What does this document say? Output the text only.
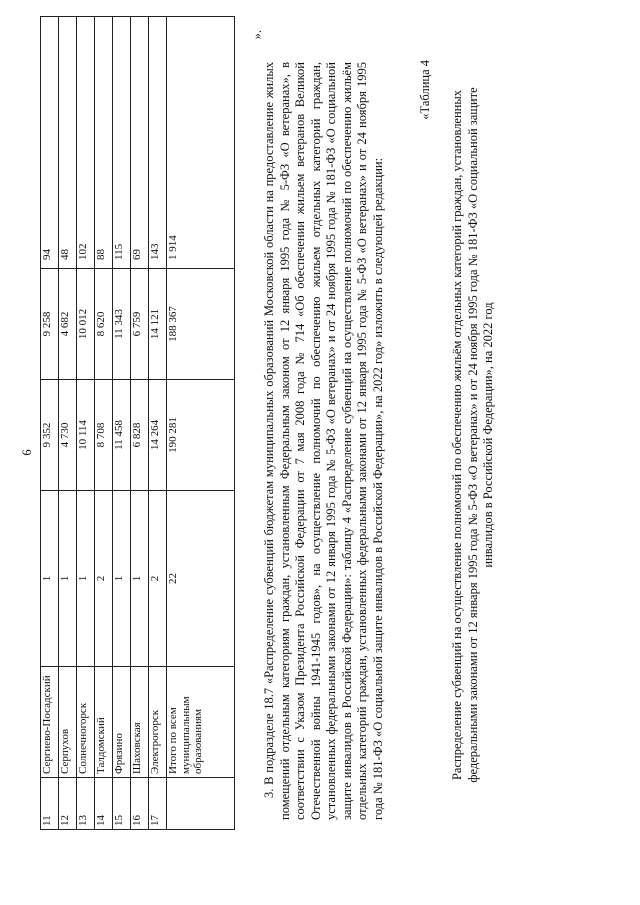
6
11	Сергиево-Посадский	1	9 352	9 258	94
12	Серпухов	1	4 730	4 682	48
13	Солнечногорск	1	10 114	10 012	102
14	Талдомский	2	8 708	8 620	88
15	Фрязино	1	11 458	11 343	115
16	Шаховская	1	6 828	6 759	69
17	Электрогорск	2	14 264	14 121	143
	Итого по всем муниципальным образованиям	22	190 281	188 367	1 914
».
3. В подразделе 18.7 «Распределение субвенций бюджетам муниципальных образований Московской области на предоставление жилых помещений отдельным категориям граждан, установленным Федеральным законом от 12 января 1995 года № 5-ФЗ «О ветеранах», в соответствии с Указом Президента Российской Федерации от 7 мая 2008 года № 714 «Об обеспечении жильем ветеранов Великой Отечественной войны 1941-1945 годов», на осуществление полномочий по обеспечению жильем отдельных категорий граждан, установленных федеральными законами от 12 января 1995 года № 5-ФЗ «О ветеранах» и от 24 ноября 1995 года № 181-ФЗ «О социальной защите инвалидов в Российской Федерации»: таблицу 4 «Распределение субвенций на осуществление полномочий по обеспечению жильём отдельных категорий граждан, установленных федеральными законами от 12 января 1995 года № 5-ФЗ «О ветеранах» и от 24 ноября 1995 года № 181-ФЗ «О социальной защите инвалидов в Российской Федерации», на 2022 год» изложить в следующей редакции:
«Таблица 4
Распределение субвенций на осуществление полномочий по обеспечению жильём отдельных категорий граждан, установленных федеральными законами от 12 января 1995 года № 5-ФЗ «О ветеранах» и от 24 ноября 1995 года № 181-ФЗ «О социальной защите инвалидов в Российской Федерации», на 2022 год
